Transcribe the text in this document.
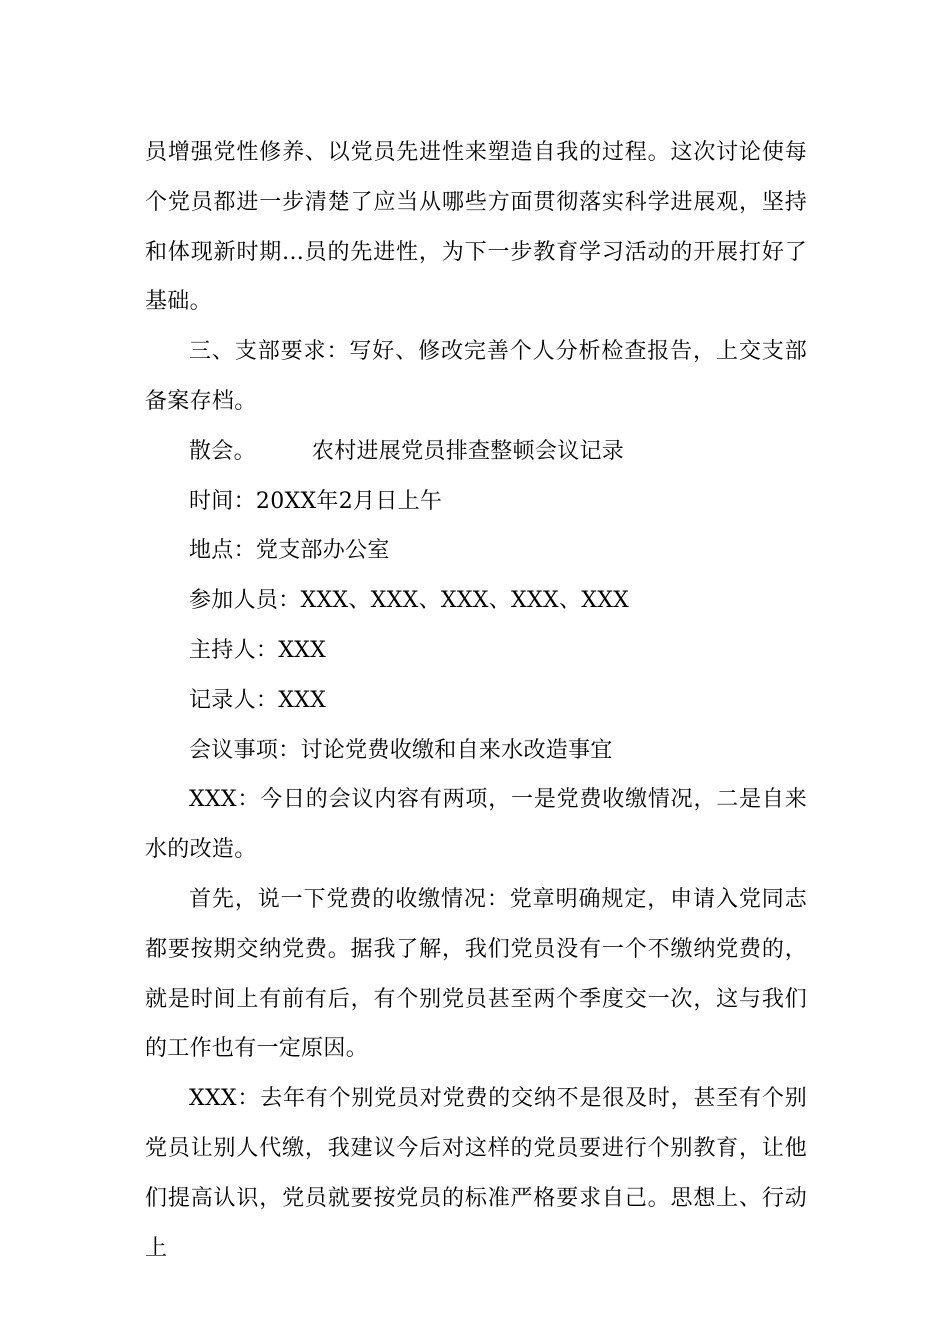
员增强党性修养、以党员先进性来塑造自我的过程。这次讨论使每个党员都进一步清楚了应当从哪些方面贯彻落实科学进展观，坚持和体现新时期...员的先进性，为下一步教育学习活动的开展打好了基础。

三、支部要求：写好、修改完善个人分析检查报告，上交支部备案存档。

散会。	农村进展党员排查整顿会议记录

时间：20XX年2月日上午

地点：党支部办公室

参加人员：XXX、XXX、XXX、XXX、XXX

主持人：XXX

记录人：XXX

会议事项：讨论党费收缴和自来水改造事宜

XXX：今日的会议内容有两项，一是党费收缴情况，二是自来水的改造。

首先，说一下党费的收缴情况：党章明确规定，申请入党同志都要按期交纳党费。据我了解，我们党员没有一个不缴纳党费的，就是时间上有前有后，有个别党员甚至两个季度交一次，这与我们的工作也有一定原因。

XXX：去年有个别党员对党费的交纳不是很及时，甚至有个别党员让别人代缴，我建议今后对这样的党员要进行个别教育，让他们提高认识，党员就要按党员的标准严格要求自己。思想上、行动上
